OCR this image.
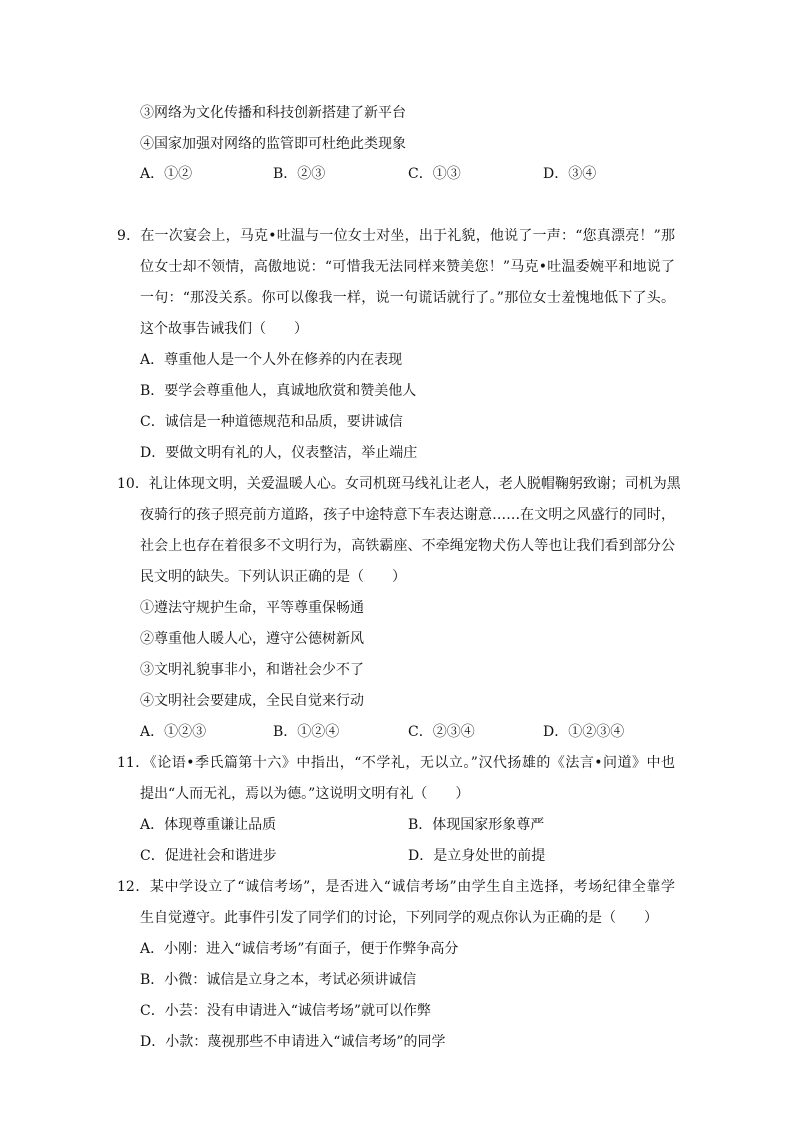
③网络为文化传播和科技创新搭建了新平台
④国家加强对网络的监管即可杜绝此类现象
A．①②	B．②③	C．①③	D．③④
9．在一次宴会上，马克•吐温与一位女士对坐，出于礼貌，他说了一声：“您真漂亮！”那
位女士却不领情，高傲地说：“可惜我无法同样来赞美您！”马克•吐温委婉平和地说了
一句：“那没关系。你可以像我一样，说一句谎话就行了。”那位女士羞愧地低下了头。
这个故事告诫我们（　　）
A．尊重他人是一个人外在修养的内在表现
B．要学会尊重他人，真诚地欣赏和赞美他人
C．诚信是一种道德规范和品质，要讲诚信
D．要做文明有礼的人，仪表整洁，举止端庄
10．礼让体现文明，关爱温暖人心。女司机斑马线礼让老人，老人脱帽鞠躬致谢；司机为黑
夜骑行的孩子照亮前方道路，孩子中途特意下车表达谢意……在文明之风盛行的同时，
社会上也存在着很多不文明行为，高铁霸座、不牵绳宠物犬伤人等也让我们看到部分公
民文明的缺失。下列认识正确的是（　　）
①遵法守规护生命，平等尊重保畅通
②尊重他人暖人心，遵守公德树新风
③文明礼貌事非小，和谐社会少不了
④文明社会要建成，全民自觉来行动
A．①②③	B．①②④	C．②③④	D．①②③④
11．《论语•季氏篇第十六》中指出，“不学礼，无以立。”汉代扬雄的《法言•问道》中也
提出“人而无礼，焉以为德。”这说明文明有礼（　　）
A．体现尊重谦让品质	B．体现国家形象尊严
C．促进社会和谐进步	D．是立身处世的前提
12．某中学设立了“诚信考场”，是否进入“诚信考场”由学生自主选择，考场纪律全靠学
生自觉遵守。此事件引发了同学们的讨论，下列同学的观点你认为正确的是（　　）
A．小刚：进入“诚信考场”有面子，便于作弊争高分
B．小微：诚信是立身之本，考试必须讲诚信
C．小芸：没有申请进入“诚信考场”就可以作弊
D．小款：蔑视那些不申请进入“诚信考场”的同学
